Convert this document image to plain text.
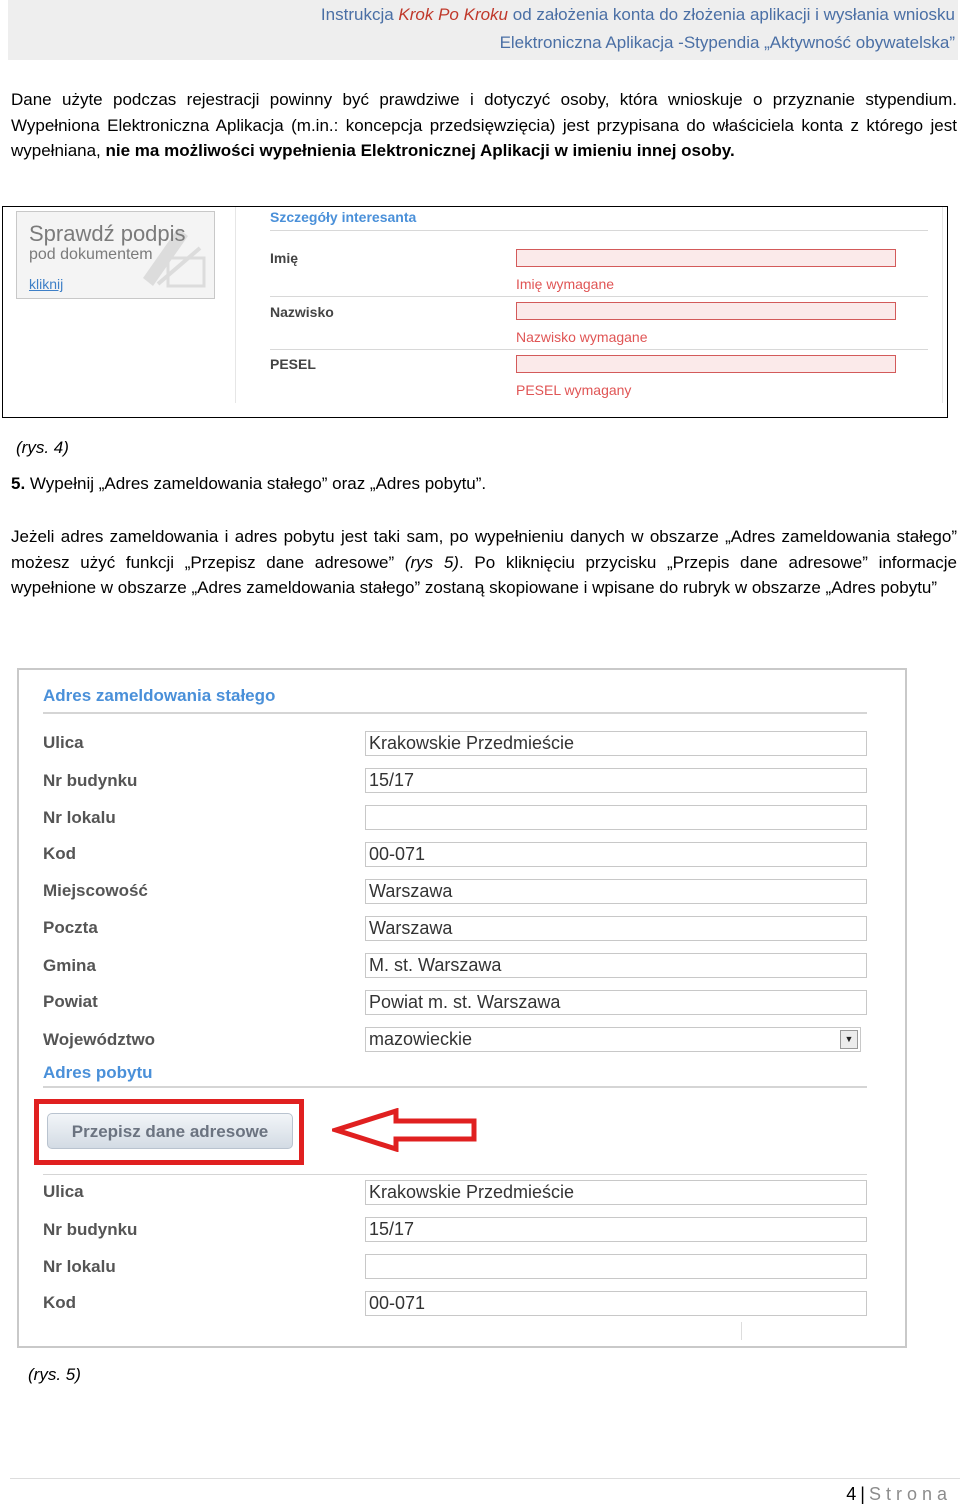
Instrukcja Krok Po Kroku od założenia konta do złożenia aplikacji i wysłania wniosku
Elektroniczna Aplikacja -Stypendia „Aktywność obywatelska”
Dane użyte podczas rejestracji powinny być prawdziwe i dotyczyć osoby, która wnioskuje o przyznanie stypendium. Wypełniona Elektroniczna Aplikacja (m.in.: koncepcja przedsięwzięcia) jest przypisana do właściciela konta z którego jest wypełniana, nie ma możliwości wypełnienia Elektronicznej Aplikacji w imieniu innej osoby.
Sprawdź podpis
pod dokumentem
kliknij
Szczegóły interesanta
Imię
Imię wymagane
Nazwisko
Nazwisko wymagane
PESEL
PESEL wymagany
(rys. 4)
5. Wypełnij „Adres zameldowania stałego” oraz „Adres pobytu”.
Jeżeli adres zameldowania i adres pobytu jest taki sam, po wypełnieniu danych w obszarze „Adres zameldowania stałego” możesz użyć funkcji „Przepisz dane adresowe” (rys 5). Po kliknięciu przycisku „Przepis dane adresowe” informacje wypełnione w obszarze „Adres zameldowania stałego” zostaną skopiowane i wpisane do rubryk w obszarze „Adres pobytu”
Adres zameldowania stałego
Ulica	Krakowskie Przedmieście
Nr budynku	15/17
Nr lokalu
Kod	00-071
Miejscowość	Warszawa
Poczta	Warszawa
Gmina	M. st. Warszawa
Powiat	Powiat m. st. Warszawa
Województwo	mazowieckie	▼
Adres pobytu
Przepisz dane adresowe
Ulica	Krakowskie Przedmieście
Nr budynku	15/17
Nr lokalu
Kod	00-071
(rys. 5)
4 | Strona
